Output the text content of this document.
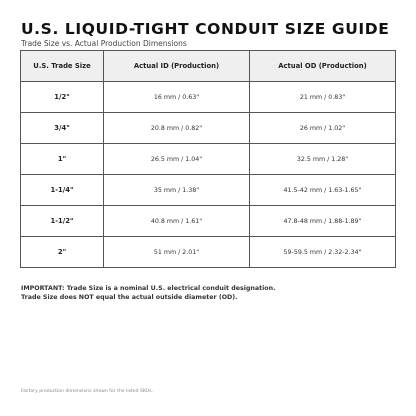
U.S. LIQUID-TIGHT CONDUIT SIZE GUIDE

Trade Size vs. Actual Production Dimensions

U.S. Trade Size	Actual ID (Production)	Actual OD (Production)
1/2"	16 mm / 0.63"	21 mm / 0.83"
3/4"	20.8 mm / 0.82"	26 mm / 1.02"
1"	26.5 mm / 1.04"	32.5 mm / 1.28"
1-1/4"	35 mm / 1.38"	41.5-42 mm / 1.63-1.65"
1-1/2"	40.8 mm / 1.61"	47.8-48 mm / 1.88-1.89"
2"	51 mm / 2.01"	59-59.5 mm / 2.32-2.34"
IMPORTANT: Trade Size is a nominal U.S. electrical conduit designation.
Trade Size does NOT equal the actual outside diameter (OD).
Factory production dimensions shown for the listed SKUs.
